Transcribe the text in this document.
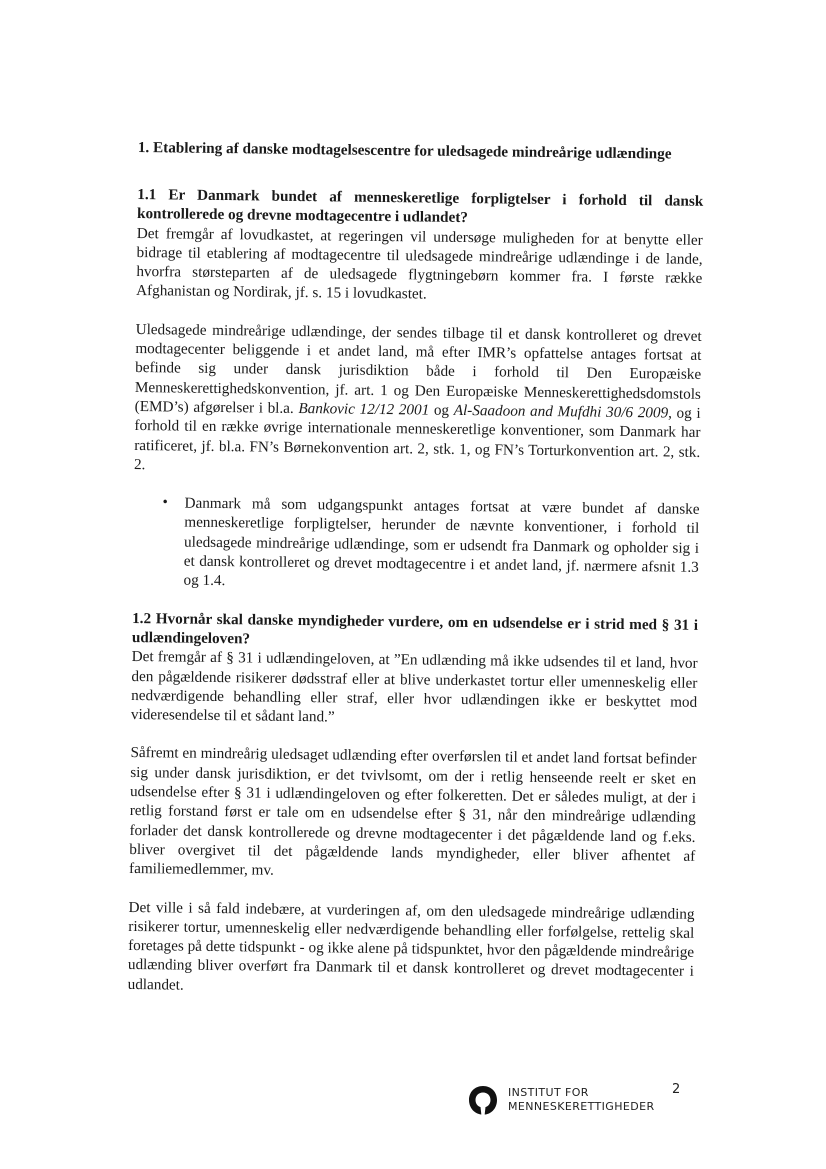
1. Etablering af danske modtagelsescentre for uledsagede mindreårige udlændinge
1.1 Er Danmark bundet af menneskeretlige forpligtelser i forhold til dansk kontrollerede og drevne modtagecentre i udlandet?

Det fremgår af lovudkastet, at regeringen vil undersøge muligheden for at benytte eller bidrage til etablering af modtagecentre til uledsagede mindreårige udlændinge i de lande, hvorfra størsteparten af de uledsagede flygtningebørn kommer fra. I første række Afghanistan og Nordirak, jf. s. 15 i lovudkastet.

Uledsagede mindreårige udlændinge, der sendes tilbage til et dansk kontrolleret og drevet modtagecenter beliggende i et andet land, må efter IMR’s opfattelse antages fortsat at befinde sig under dansk jurisdiktion både i forhold til Den Europæiske Menneskerettighedskonvention, jf. art. 1 og Den Europæiske Menneskerettighedsdomstols (EMD’s) afgørelser i bl.a. Bankovic 12/12 2001 og Al-Saadoon and Mufdhi 30/6 2009, og i forhold til en række øvrige internationale menneskeretlige konventioner, som Danmark har ratificeret, jf. bl.a. FN’s Børnekonvention art. 2, stk. 1, og FN’s Torturkonvention art. 2, stk. 2.

• Danmark må som udgangspunkt antages fortsat at være bundet af danske menneskeretlige forpligtelser, herunder de nævnte konventioner, i forhold til uledsagede mindreårige udlændinge, som er udsendt fra Danmark og opholder sig i et dansk kontrolleret og drevet modtagecentre i et andet land, jf. nærmere afsnit 1.3 og 1.4.
1.2 Hvornår skal danske myndigheder vurdere, om en udsendelse er i strid med § 31 i udlændingeloven?

Det fremgår af § 31 i udlændingeloven, at ”En udlænding må ikke udsendes til et land, hvor den pågældende risikerer dødsstraf eller at blive underkastet tortur eller umenneskelig eller nedværdigende behandling eller straf, eller hvor udlændingen ikke er beskyttet mod videresendelse til et sådant land.”

Såfremt en mindreårig uledsaget udlænding efter overførslen til et andet land fortsat befinder sig under dansk jurisdiktion, er det tvivlsomt, om der i retlig henseende reelt er sket en udsendelse efter § 31 i udlændingeloven og efter folkeretten. Det er således muligt, at der i retlig forstand først er tale om en udsendelse efter § 31, når den mindreårige udlænding forlader det dansk kontrollerede og drevne modtagecenter i det pågældende land og f.eks. bliver overgivet til det pågældende lands myndigheder, eller bliver afhentet af familiemedlemmer, mv.

Det ville i så fald indebære, at vurderingen af, om den uledsagede mindreårige udlænding risikerer tortur, umenneskelig eller nedværdigende behandling eller forfølgelse, rettelig skal foretages på dette tidspunkt - og ikke alene på tidspunktet, hvor den pågældende mindreårige udlænding bliver overført fra Danmark til et dansk kontrolleret og drevet modtagecenter i udlandet.

INSTITUT FOR
MENNESKERETTIGHEDER
2
